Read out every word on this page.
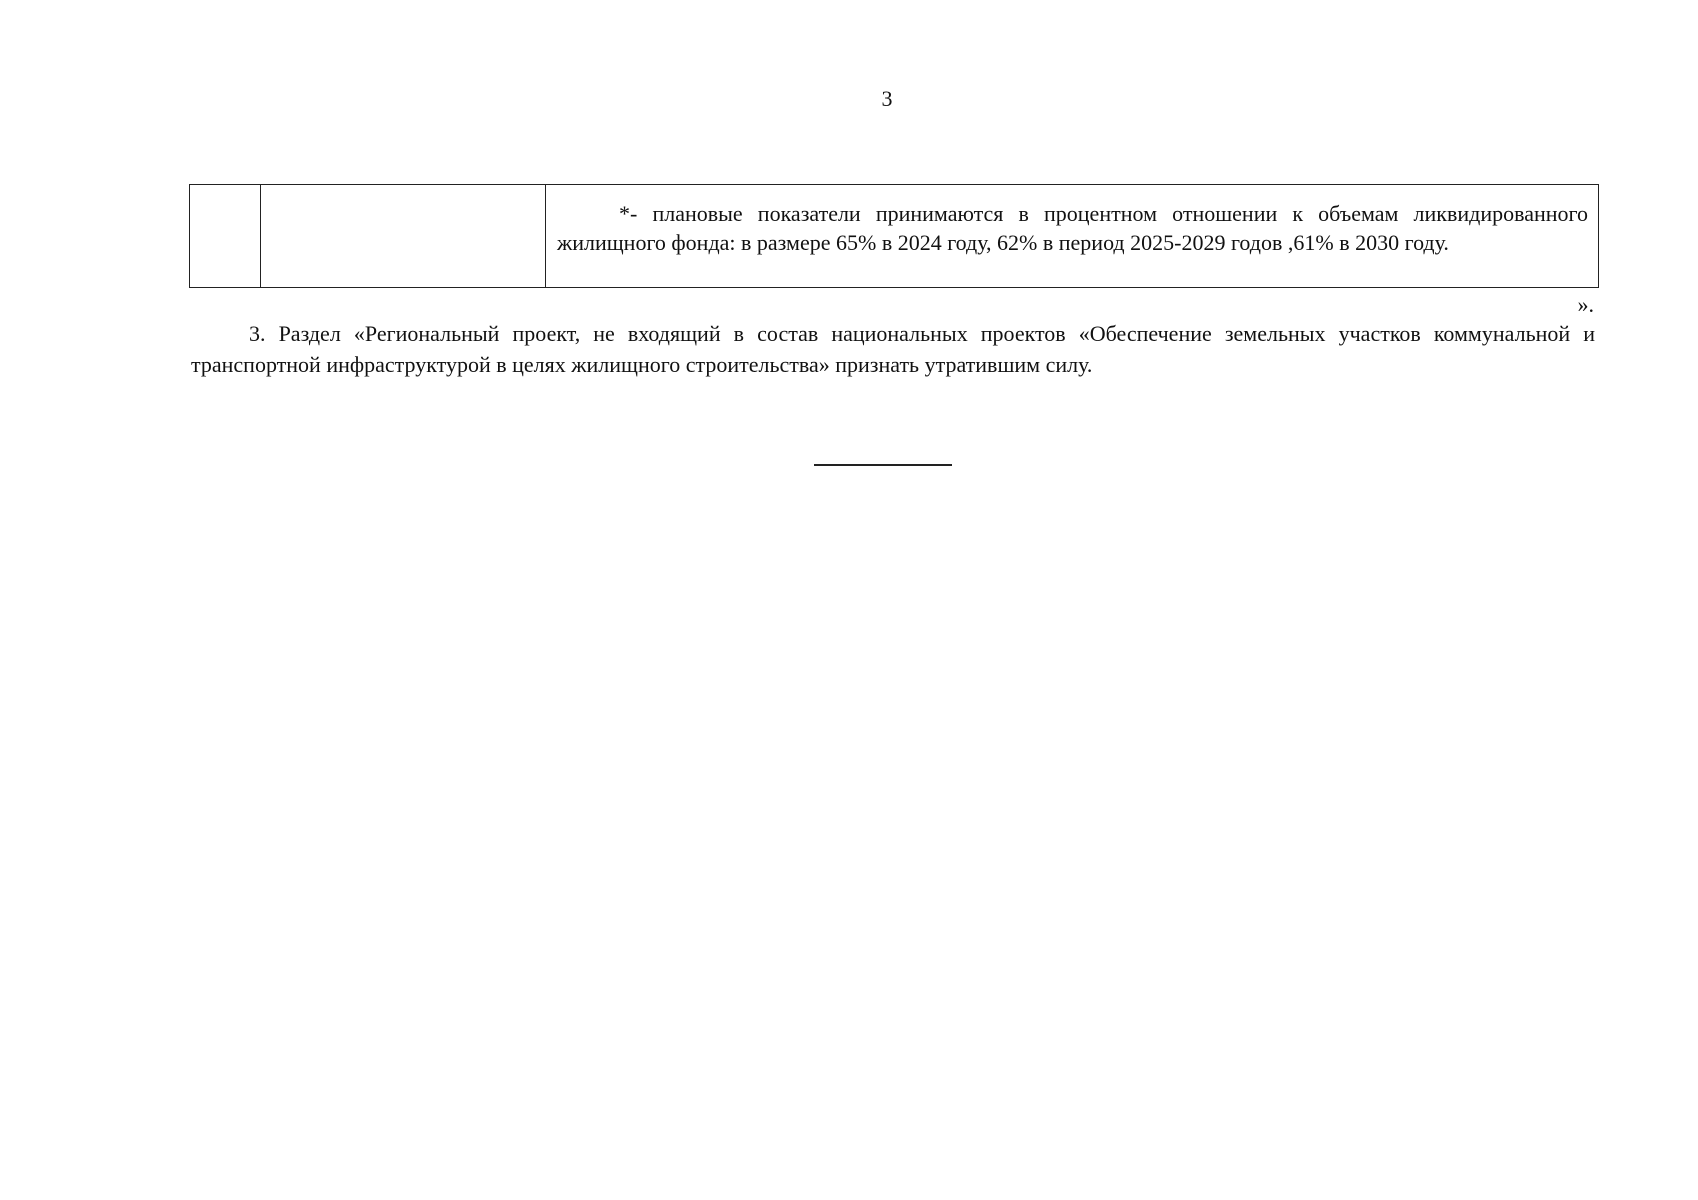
3

*- плановые показатели принимаются в процентном отношении к объемам ликвидированного жилищного фонда: в размере 65% в 2024 году, 62% в период 2025-2029 годов ,61% в 2030 году.
».

3. Раздел «Региональный проект, не входящий в состав национальных проектов «Обеспечение земельных участков коммунальной и транспортной инфраструктурой в целях жилищного строительства» признать утратившим силу.
